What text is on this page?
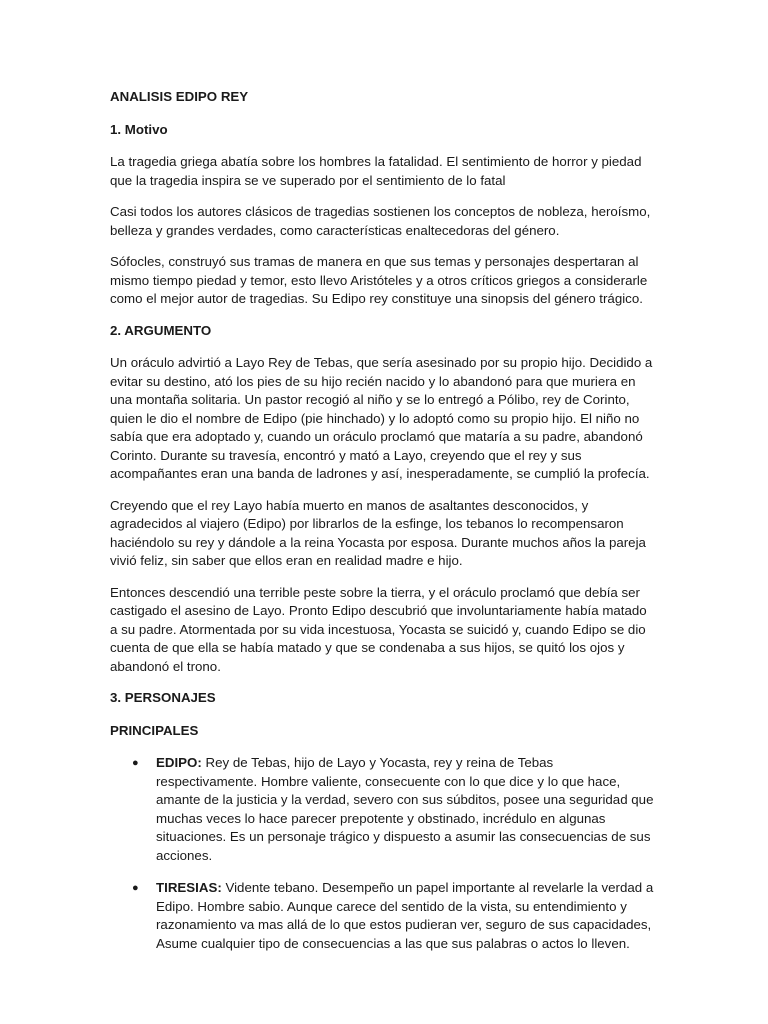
ANALISIS EDIPO REY
1. Motivo

La tragedia griega abatía sobre los hombres la fatalidad. El sentimiento de horror y piedad que la tragedia inspira se ve superado por el sentimiento de lo fatal

Casi todos los autores clásicos de tragedias sostienen los conceptos de nobleza, heroísmo, belleza y grandes verdades, como características enaltecedoras del género.

Sófocles, construyó sus tramas de manera en que sus temas y personajes despertaran al mismo tiempo piedad y temor, esto llevo Aristóteles y a otros críticos griegos a considerarle como el mejor autor de tragedias. Su Edipo rey constituye una sinopsis del género trágico.

2. ARGUMENTO

Un oráculo advirtió a Layo Rey de Tebas, que sería asesinado por su propio hijo. Decidido a evitar su destino, ató los pies de su hijo recién nacido y lo abandonó para que muriera en una montaña solitaria. Un pastor recogió al niño y se lo entregó a Pólibo, rey de Corinto, quien le dio el nombre de Edipo (pie hinchado) y lo adoptó como su propio hijo. El niño no sabía que era adoptado y, cuando un oráculo proclamó que mataría a su padre, abandonó Corinto. Durante su travesía, encontró y mató a Layo, creyendo que el rey y sus acompañantes eran una banda de ladrones y así, inesperadamente, se cumplió la profecía.

Creyendo que el rey Layo había muerto en manos de asaltantes desconocidos, y agradecidos al viajero (Edipo) por librarlos de la esfinge, los tebanos lo recompensaron haciéndolo su rey y dándole a la reina Yocasta por esposa. Durante muchos años la pareja vivió feliz, sin saber que ellos eran en realidad madre e hijo.

Entonces descendió una terrible peste sobre la tierra, y el oráculo proclamó que debía ser castigado el asesino de Layo. Pronto Edipo descubrió que involuntariamente había matado a su padre. Atormentada por su vida incestuosa, Yocasta se suicidó y, cuando Edipo se dio cuenta de que ella se había matado y que se condenaba a sus hijos, se quitó los ojos y abandonó el trono.

3. PERSONAJES
PRINCIPALES
● EDIPO: Rey de Tebas, hijo de Layo y Yocasta, rey y reina de Tebas respectivamente. Hombre valiente, consecuente con lo que dice y lo que hace, amante de la justicia y la verdad, severo con sus súbditos, posee una seguridad que muchas veces lo hace parecer prepotente y obstinado, incrédulo en algunas situaciones. Es un personaje trágico y dispuesto a asumir las consecuencias de sus acciones.
● TIRESIAS: Vidente tebano. Desempeño un papel importante al revelarle la verdad a Edipo. Hombre sabio. Aunque carece del sentido de la vista, su entendimiento y razonamiento va mas allá de lo que estos pudieran ver, seguro de sus capacidades, Asume cualquier tipo de consecuencias a las que sus palabras o actos lo lleven.
